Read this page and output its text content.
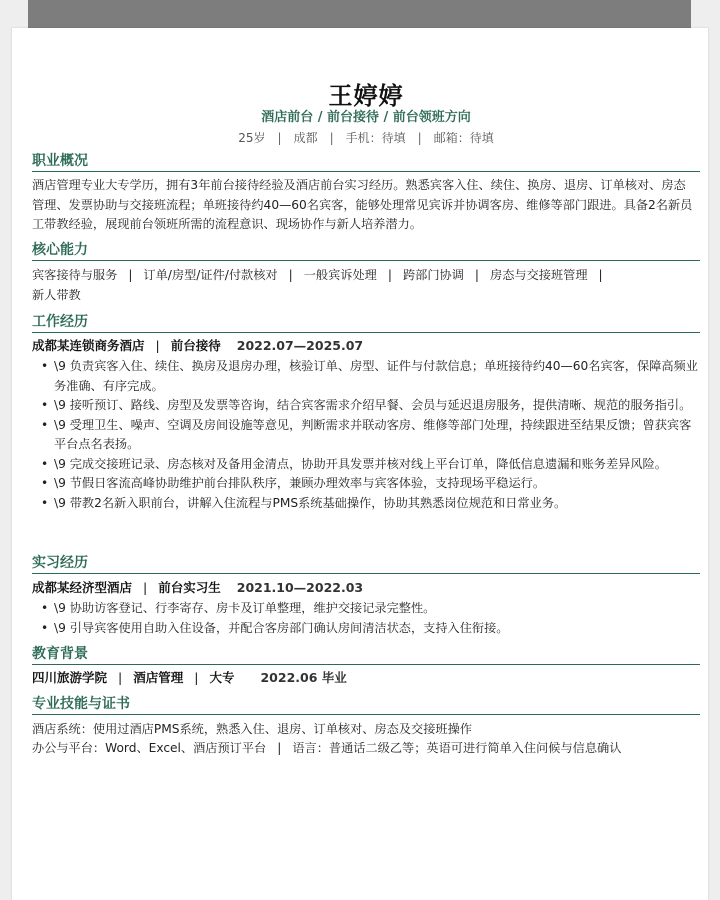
王婷婷
酒店前台 / 前台接待 / 前台领班方向
25岁 | 成都 | 手机：待填 | 邮箱：待填
职业概况
酒店管理专业大专学历，拥有3年前台接待经验及酒店前台实习经历。熟悉宾客入住、续住、换房、退房、订单核对、房态管理、发票协助与交接班流程；单班接待约40—60名宾客，能够处理常见宾诉并协调客房、维修等部门跟进。具备2名新员工带教经验，展现前台领班所需的流程意识、现场协作与新人培养潜力。
核心能力
宾客接待与服务 | 订单/房型/证件/付款核对 | 一般宾诉处理 | 跨部门协调 | 房态与交接班管理 |
新人带教
工作经历
成都某连锁商务酒店 | 前台接待 2022.07—2025.07
• \9 负责宾客入住、续住、换房及退房办理，核验订单、房型、证件与付款信息；单班接待约40—60名宾客，保障高频业务准确、有序完成。
• \9 接听预订、路线、房型及发票等咨询，结合宾客需求介绍早餐、会员与延迟退房服务，提供清晰、规范的服务指引。
• \9 受理卫生、噪声、空调及房间设施等意见，判断需求并联动客房、维修等部门处理，持续跟进至结果反馈；曾获宾客平台点名表扬。
• \9 完成交接班记录、房态核对及备用金清点，协助开具发票并核对线上平台订单，降低信息遗漏和账务差异风险。
• \9 节假日客流高峰协助维护前台排队秩序，兼顾办理效率与宾客体验，支持现场平稳运行。
• \9 带教2名新入职前台，讲解入住流程与PMS系统基础操作，协助其熟悉岗位规范和日常业务。
实习经历
成都某经济型酒店 | 前台实习生 2021.10—2022.03
• \9 协助访客登记、行李寄存、房卡及订单整理，维护交接记录完整性。
• \9 引导宾客使用自助入住设备，并配合客房部门确认房间清洁状态，支持入住衔接。
教育背景
四川旅游学院 | 酒店管理 | 大专 2022.06 毕业
专业技能与证书
酒店系统：使用过酒店PMS系统，熟悉入住、退房、订单核对、房态及交接班操作
办公与平台：Word、Excel、酒店预订平台 | 语言：普通话二级乙等；英语可进行简单入住问候与信息确认
